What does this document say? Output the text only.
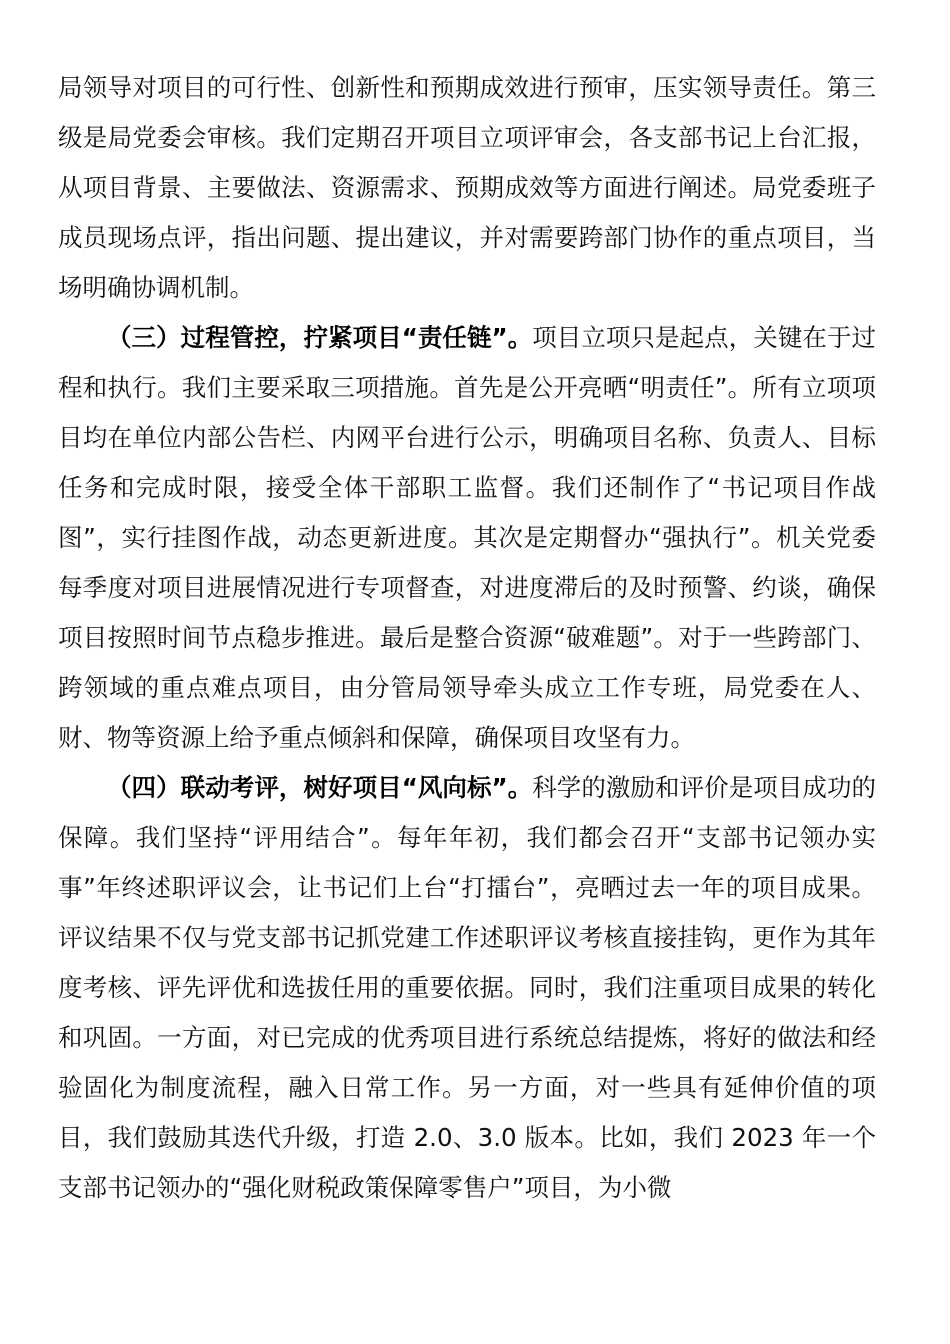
局领导对项目的可行性、创新性和预期成效进行预审，压实领导责任。第三级是局党委会审核。我们定期召开项目立项评审会，各支部书记上台汇报，从项目背景、主要做法、资源需求、预期成效等方面进行阐述。局党委班子成员现场点评，指出问题、提出建议，并对需要跨部门协作的重点项目，当场明确协调机制。

（三）过程管控，拧紧项目“责任链”。项目立项只是起点，关键在于过程和执行。我们主要采取三项措施。首先是公开亮晒“明责任”。所有立项项目均在单位内部公告栏、内网平台进行公示，明确项目名称、负责人、目标任务和完成时限，接受全体干部职工监督。我们还制作了“书记项目作战图”，实行挂图作战，动态更新进度。其次是定期督办“强执行”。机关党委每季度对项目进展情况进行专项督查，对进度滞后的及时预警、约谈，确保项目按照时间节点稳步推进。最后是整合资源“破难题”。对于一些跨部门、跨领域的重点难点项目，由分管局领导牵头成立工作专班，局党委在人、财、物等资源上给予重点倾斜和保障，确保项目攻坚有力。

（四）联动考评，树好项目“风向标”。科学的激励和评价是项目成功的保障。我们坚持“评用结合”。每年年初，我们都会召开“支部书记领办实事”年终述职评议会，让书记们上台“打擂台”，亮晒过去一年的项目成果。评议结果不仅与党支部书记抓党建工作述职评议考核直接挂钩，更作为其年度考核、评先评优和选拔任用的重要依据。同时，我们注重项目成果的转化和巩固。一方面，对已完成的优秀项目进行系统总结提炼，将好的做法和经验固化为制度流程，融入日常工作。另一方面，对一些具有延伸价值的项目，我们鼓励其迭代升级，打造 2.0、3.0 版本。比如，我们 2023 年一个支部书记领办的“强化财税政策保障零售户”项目，为小微
